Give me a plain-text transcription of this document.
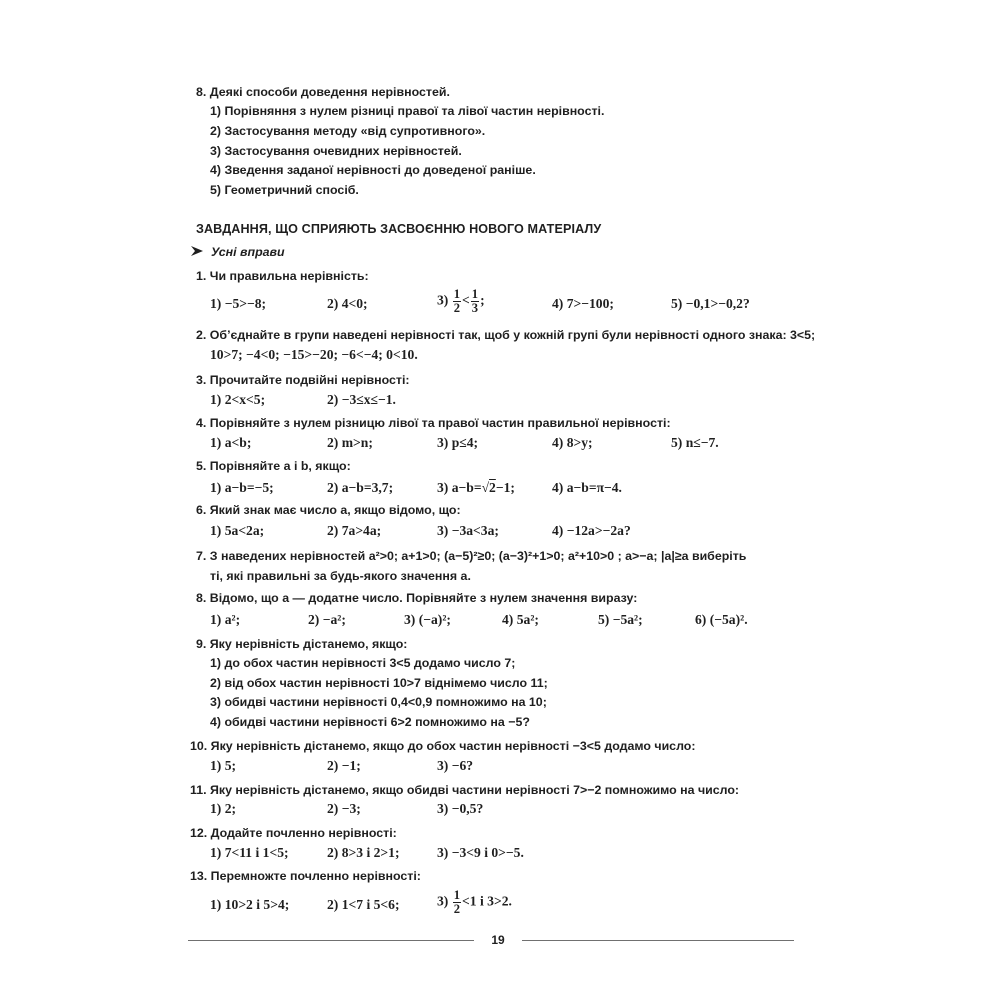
8. Деякі способи доведення нерівностей.
1) Порівняння з нулем різниці правої та лівої частин нерівності.
2) Застосування методу «від супротивного».
3) Застосування очевидних нерівностей.
4) Зведення заданої нерівності до доведеної раніше.
5) Геометричний спосіб.
ЗАВДАННЯ, ЩО СПРИЯЮТЬ ЗАСВОЄННЮ НОВОГО МАТЕРІАЛУ
Усні вправи
1. Чи правильна нерівність:
1) −5>−8;	2) 4<0;	$3) \frac{1}{2} < \frac{1}{3}$ ;	4) 7>−100;	5) −0,1>−0,2?
2. Об’єднайте в групи наведені нерівності так, щоб у кожній групі були нерівності одного знака: 3<5;
10>7; −4<0; −15>−20; −6<−4; 0<10.
3. Прочитайте подвійні нерівності:
1) 2<x<5;	2) −3≤x≤−1.
4. Порівняйте з нулем різницю лівої та правої частин правильної нерівності:
1) a<b;	2) m>n;	3) p≤4;	4) 8>y;	5) n≤−7.
5. Порівняйте a і b, якщо:
1) a−b=−5;	2) a−b=3,7;	3) a−b=√2−1;	4) a−b=π−4.
6. Який знак має число a, якщо відомо, що:
1) 5a<2a;	2) 7a>4a;	3) −3a<3a;	4) −12a>−2a?
7. З наведених нерівностей a²>0; a+1>0; (a−5)²≥0; (a−3)²+1>0; a²+10>0 ; a>−a; |a|≥a виберіть
ті, які правильні за будь-якого значення a.
8. Відомо, що a — додатне число. Порівняйте з нулем значення виразу:
1) a²;	2) −a²;	3) (−a)²;	4) 5a²;	5) −5a²;	6) (−5a)².
9. Яку нерівність дістанемо, якщо:
1) до обох частин нерівності 3<5 додамо число 7;
2) від обох частин нерівності 10>7 віднімемо число 11;
3) обидві частини нерівності 0,4<0,9 помножимо на 10;
4) обидві частини нерівності 6>2 помножимо на −5?
10. Яку нерівність дістанемо, якщо до обох частин нерівності −3<5 додамо число:
1) 5;	2) −1;	3) −6?
11. Яку нерівність дістанемо, якщо обидві частини нерівності 7>−2 помножимо на число:
1) 2;	2) −3;	3) −0,5?
12. Додайте почленно нерівності:
1) 7<11 і 1<5;	2) 8>3 і 2>1;	3) −3<9 і 0>−5.
13. Перемножте почленно нерівності:
1) 10>2 і 5>4;	2) 1<7 і 5<6;	$3) \frac{1}{2} <1$ і 3>2.
19
